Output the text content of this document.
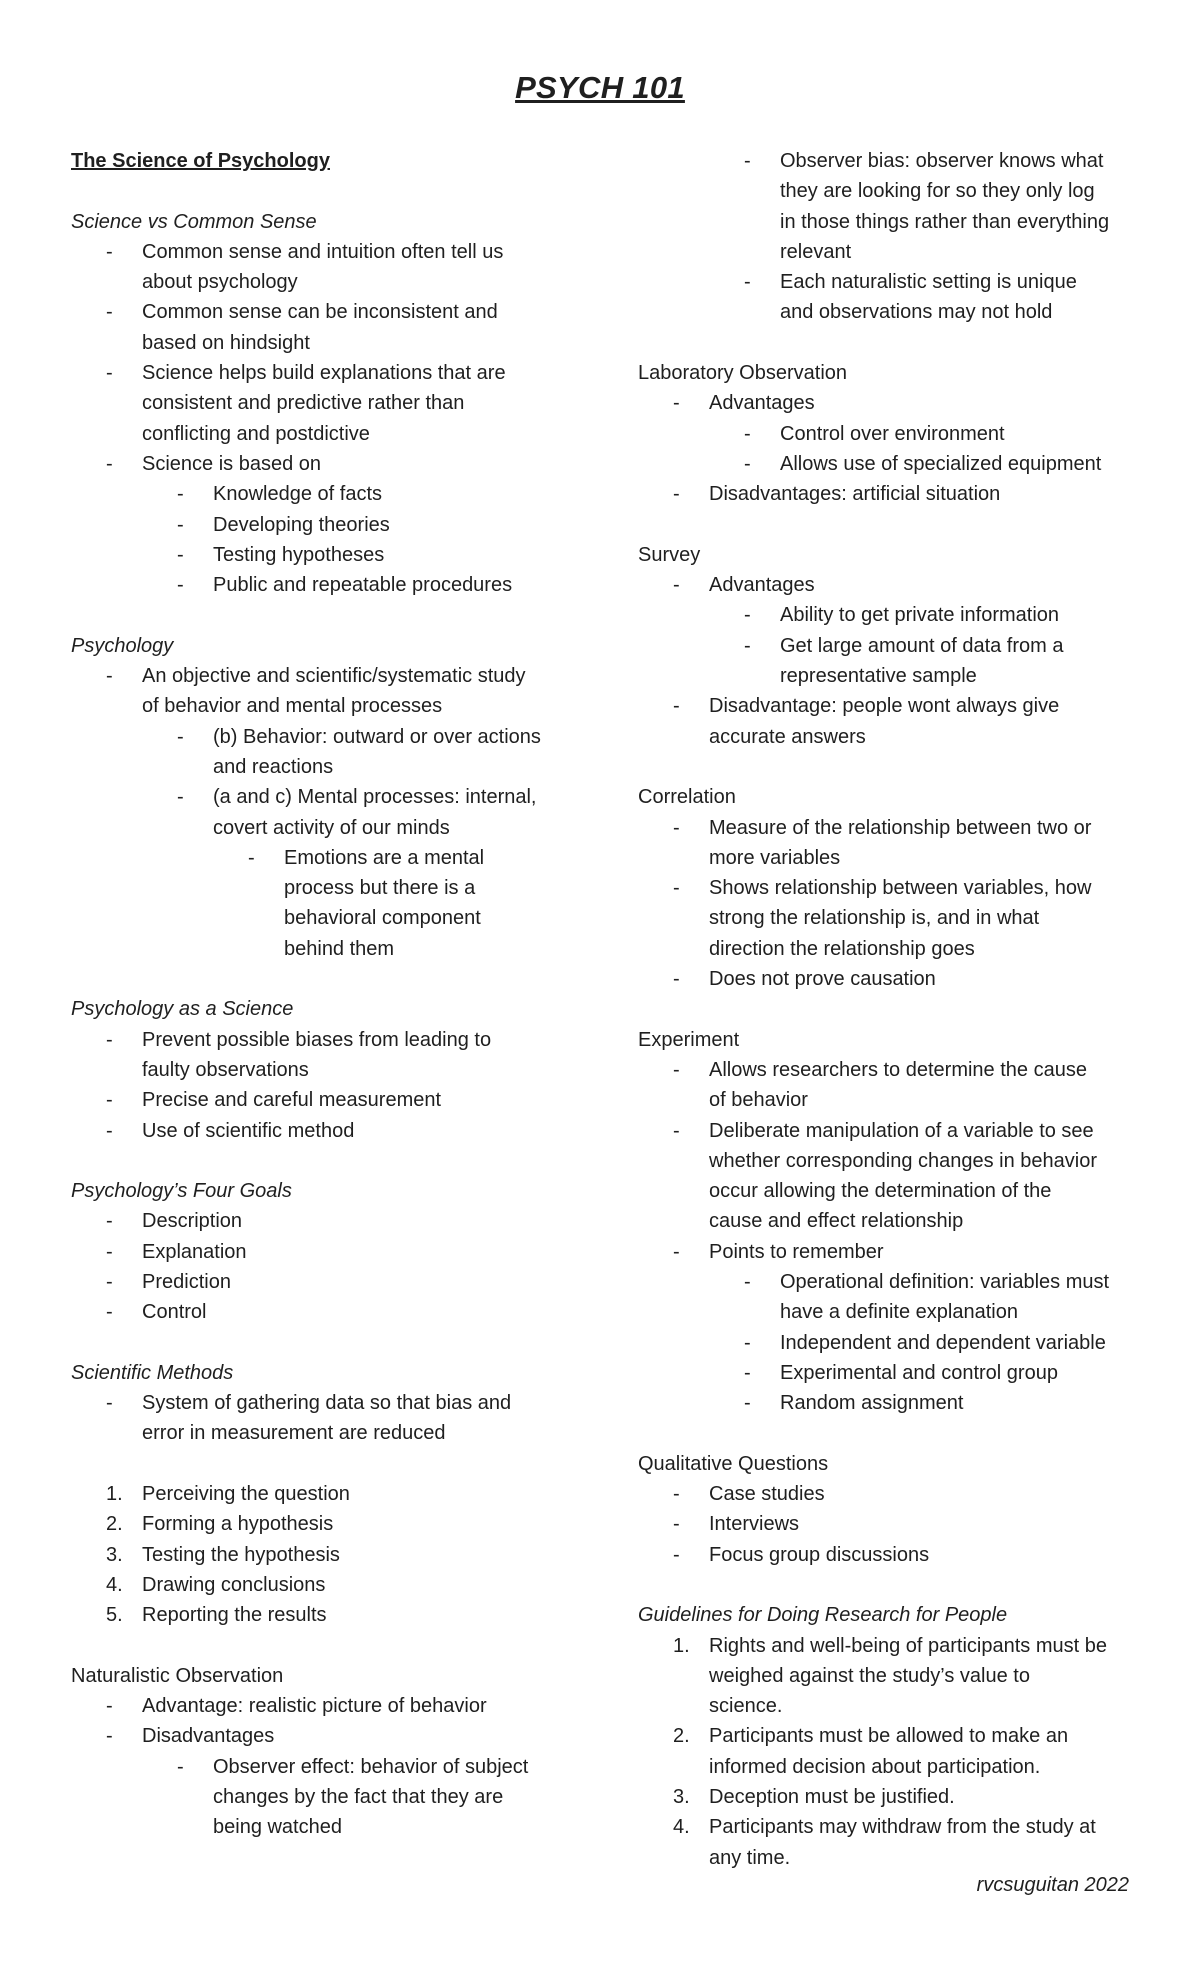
PSYCH 101
The Science of Psychology
Science vs Common Sense
- Common sense and intuition often tell us
about psychology
- Common sense can be inconsistent and
based on hindsight
- Science helps build explanations that are
consistent and predictive rather than
conflicting and postdictive
- Science is based on
- Knowledge of facts
- Developing theories
- Testing hypotheses
- Public and repeatable procedures
Psychology
- An objective and scientific/systematic study
of behavior and mental processes
- (b) Behavior: outward or over actions
and reactions
- (a and c) Mental processes: internal,
covert activity of our minds
- Emotions are a mental
process but there is a
behavioral component
behind them
Psychology as a Science
- Prevent possible biases from leading to
faulty observations
- Precise and careful measurement
- Use of scientific method
Psychology’s Four Goals
- Description
- Explanation
- Prediction
- Control
Scientific Methods
- System of gathering data so that bias and
error in measurement are reduced
1. Perceiving the question
2. Forming a hypothesis
3. Testing the hypothesis
4. Drawing conclusions
5. Reporting the results
Naturalistic Observation
- Advantage: realistic picture of behavior
- Disadvantages
- Observer effect: behavior of subject
changes by the fact that they are
being watched
- Observer bias: observer knows what
they are looking for so they only log
in those things rather than everything
relevant
- Each naturalistic setting is unique
and observations may not hold
Laboratory Observation
- Advantages
- Control over environment
- Allows use of specialized equipment
- Disadvantages: artificial situation
Survey
- Advantages
- Ability to get private information
- Get large amount of data from a
representative sample
- Disadvantage: people wont always give
accurate answers
Correlation
- Measure of the relationship between two or
more variables
- Shows relationship between variables, how
strong the relationship is, and in what
direction the relationship goes
- Does not prove causation
Experiment
- Allows researchers to determine the cause
of behavior
- Deliberate manipulation of a variable to see
whether corresponding changes in behavior
occur allowing the determination of the
cause and effect relationship
- Points to remember
- Operational definition: variables must
have a definite explanation
- Independent and dependent variable
- Experimental and control group
- Random assignment
Qualitative Questions
- Case studies
- Interviews
- Focus group discussions
Guidelines for Doing Research for People
1. Rights and well-being of participants must be
weighed against the study’s value to
science.
2. Participants must be allowed to make an
informed decision about participation.
3. Deception must be justified.
4. Participants may withdraw from the study at
any time.
rvcsuguitan 2022
